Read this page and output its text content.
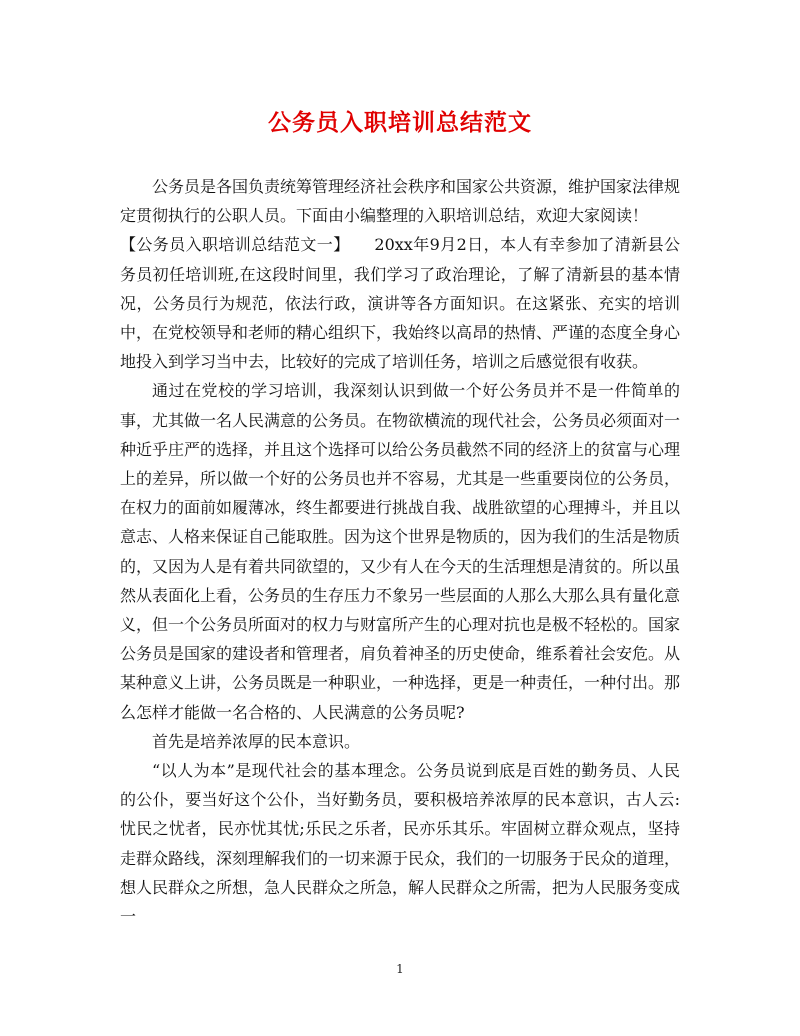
公务员入职培训总结范文

公务员是各国负责统筹管理经济社会秩序和国家公共资源，维护国家法律规定贯彻执行的公职人员。下面由小编整理的入职培训总结，欢迎大家阅读！

【公务员入职培训总结范文一】　　20xx年9月2日，本人有幸参加了清新县公务员初任培训班,在这段时间里，我们学习了政治理论，了解了清新县的基本情况，公务员行为规范，依法行政，演讲等各方面知识。在这紧张、充实的培训中，在党校领导和老师的精心组织下，我始终以高昂的热情、严谨的态度全身心地投入到学习当中去，比较好的完成了培训任务，培训之后感觉很有收获。

通过在党校的学习培训，我深刻认识到做一个好公务员并不是一件简单的事，尤其做一名人民满意的公务员。在物欲横流的现代社会，公务员必须面对一种近乎庄严的选择，并且这个选择可以给公务员截然不同的经济上的贫富与心理上的差异，所以做一个好的公务员也并不容易，尤其是一些重要岗位的公务员，在权力的面前如履薄冰，终生都要进行挑战自我、战胜欲望的心理搏斗，并且以意志、人格来保证自己能取胜。因为这个世界是物质的，因为我们的生活是物质的，又因为人是有着共同欲望的，又少有人在今天的生活理想是清贫的。所以虽然从表面化上看，公务员的生存压力不象另一些层面的人那么大那么具有量化意义，但一个公务员所面对的权力与财富所产生的心理对抗也是极不轻松的。国家公务员是国家的建设者和管理者，肩负着神圣的历史使命，维系着社会安危。从某种意义上讲，公务员既是一种职业，一种选择，更是一种责任，一种付出。那么怎样才能做一名合格的、人民满意的公务员呢?

首先是培养浓厚的民本意识。

“以人为本”是现代社会的基本理念。公务员说到底是百姓的勤务员、人民的公仆，要当好这个公仆，当好勤务员，要积极培养浓厚的民本意识，古人云:忧民之忧者，民亦忧其忧;乐民之乐者，民亦乐其乐。牢固树立群众观点，坚持走群众路线，深刻理解我们的一切来源于民众，我们的一切服务于民众的道理，想人民群众之所想，急人民群众之所急，解人民群众之所需，把为人民服务变成一

1
